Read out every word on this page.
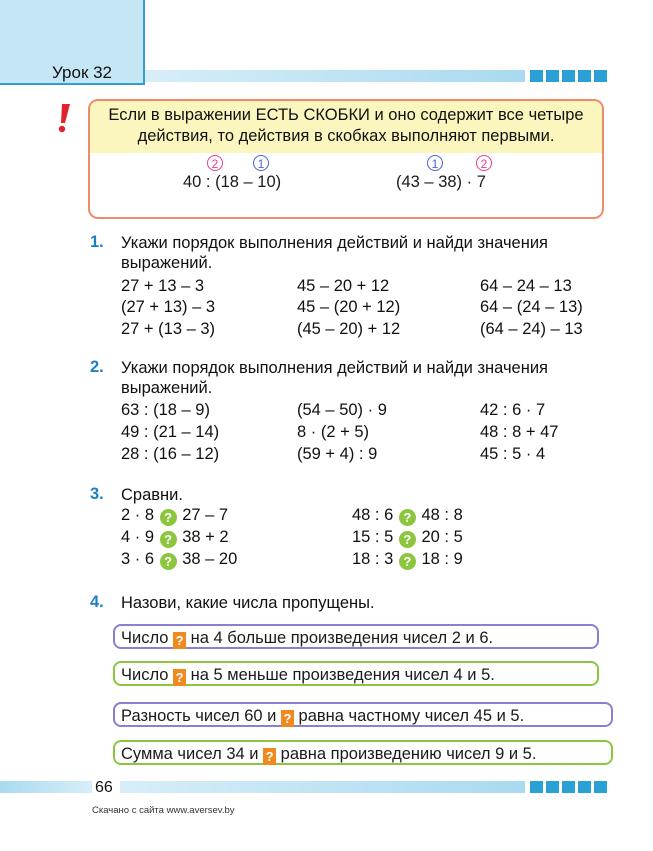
Урок 32
Если в выражении ЕСТЬ СКОБКИ и оно содержит все четыре действия, то действия в скобках выполняют первыми.
2	1
40 : (18 – 10)
1	2
(43 – 38) · 7
1. Укажи порядок выполнения действий и найди значения выражений.
27 + 13 – 3
(27 + 13) – 3
27 + (13 – 3)
45 – 20 + 12
45 – (20 + 12)
(45 – 20) + 12
64 – 24 – 13
64 – (24 – 13)
(64 – 24) – 13
2. Укажи порядок выполнения действий и найди значения выражений.
63 : (18 – 9)
49 : (21 – 14)
28 : (16 – 12)
(54 – 50) · 9
8 · (2 + 5)
(59 + 4) : 9
42 : 6 · 7
48 : 8 + 47
45 : 5 · 4
3. Сравни.
2 · 8 ? 27 – 7
4 · 9 ? 38 + 2
3 · 6 ? 38 – 20
48 : 6 ? 48 : 8
15 : 5 ? 20 : 5
18 : 3 ? 18 : 9
4. Назови, какие числа пропущены.
Число ? на 4 больше произведения чисел 2 и 6.
Число ? на 5 меньше произведения чисел 4 и 5.
Разность чисел 60 и ? равна частному чисел 45 и 5.
Сумма чисел 34 и ? равна произведению чисел 9 и 5.
66
Скачано с сайта www.aversev.by
